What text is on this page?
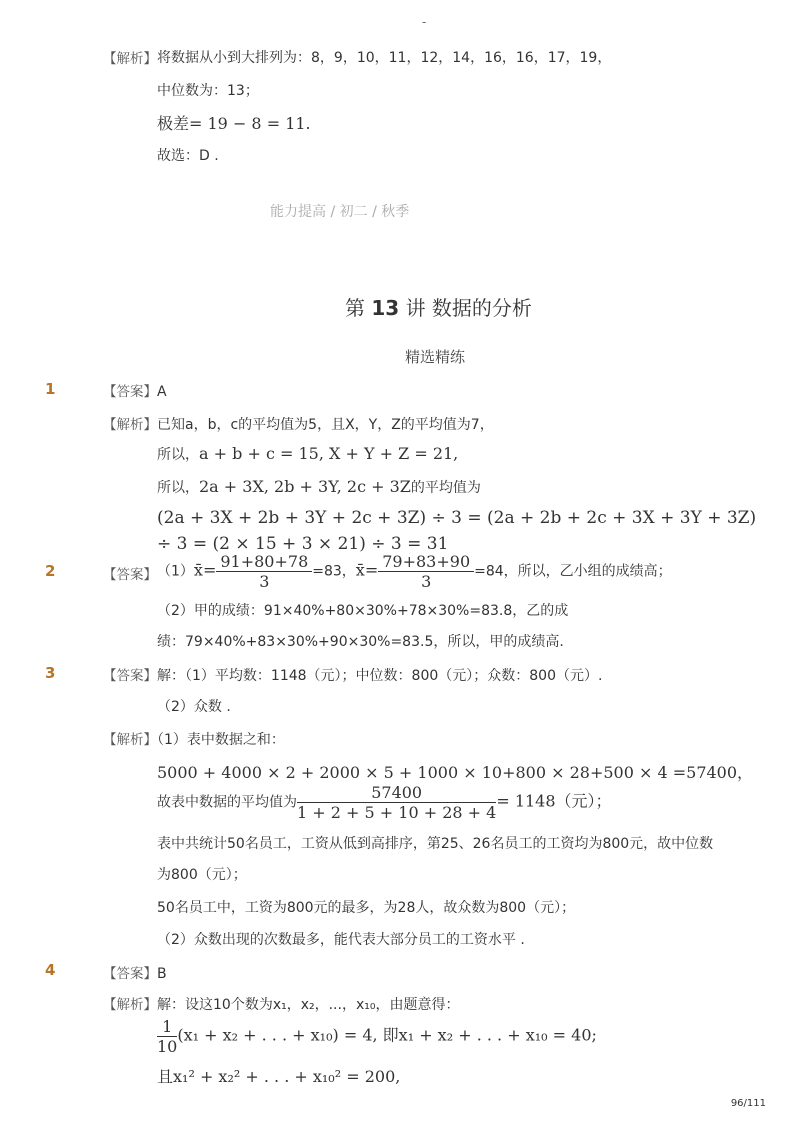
-
【解析】 将数据从小到大排列为：8，9，10，11，12，14，16，16，17，19，
中位数为：13；
极差= 19 − 8 = 11.
故选：D .
能力提高 / 初二 / 秋季
第 13 讲 数据的分析
精选精练
1	【答案】A
【解析】已知a，b，c的平均值为5，且X，Y，Z的平均值为7，
所以，a + b + c = 15, X + Y + Z = 21,
所以，2a + 3X, 2b + 3Y, 2c + 3Z的平均值为
(2a + 3X + 2b + 3Y + 2c + 3Z) ÷ 3 = (2a + 2b + 2c + 3X + 3Y + 3Z)
÷ 3 = (2 × 15 + 3 × 21) ÷ 3 = 31
2	【答案】 （1）x̄= $\frac{91+80+78}{3} =83$，x̄= $\frac{79+83+90}{3} =84$，所以，乙小组的成绩高；
（2）甲的成绩：91×40%+80×30%+78×30%=83.8，乙的成
绩：79×40%+83×30%+90×30%=83.5，所以，甲的成绩高.
3	【答案】解：（1）平均数：1148（元）；中位数：800（元）；众数：800（元）.
（2）众数 .
【解析】（1）表中数据之和：
5000 + 4000 × 2 + 2000 × 5 + 1000 × 10+800 × 28+500 × 4 =57400，
故表中数据的平均值为 $\frac{57400}{1 + 2 + 5 + 10 + 28 + 4} = 1148$（元）；
表中共统计50名员工，工资从低到高排序，第25、26名员工的工资均为800元，故中位数
为800（元）；
50名员工中，工资为800元的最多，为28人，故众数为800（元）；
（2）众数出现的次数最多，能代表大部分员工的工资水平 .
4	【答案】B
【解析】解：设这10个数为x₁，x₂，...，x₁₀，由题意得：
$\frac{1}{10} (x_1 + x_2$ + . . . + x₁₀) = 4, 即x₁ + x₂ + . . . + x₁₀ = 40;
且x₁² + x₂² + . . . + x₁₀² = 200,
96/111
